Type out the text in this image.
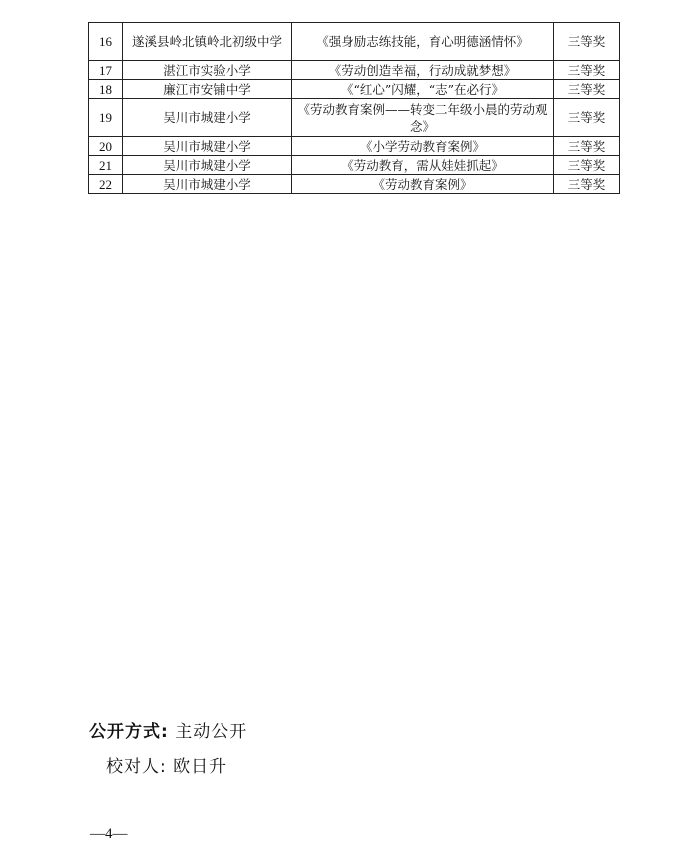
16	遂溪县岭北镇岭北初级中学	《强身励志练技能，育心明德涵情怀》	三等奖
17	湛江市实验小学	《劳动创造幸福，行动成就梦想》	三等奖
18	廉江市安铺中学	《“红心”闪耀，“志”在必行》	三等奖
19	吴川市城建小学	《劳动教育案例——转变二年级小晨的劳动观念》	三等奖
20	吴川市城建小学	《小学劳动教育案例》	三等奖
21	吴川市城建小学	《劳动教育，需从娃娃抓起》	三等奖
22	吴川市城建小学	《劳动教育案例》	三等奖
公开方式: 主动公开
校对人: 欧日升
—4—
